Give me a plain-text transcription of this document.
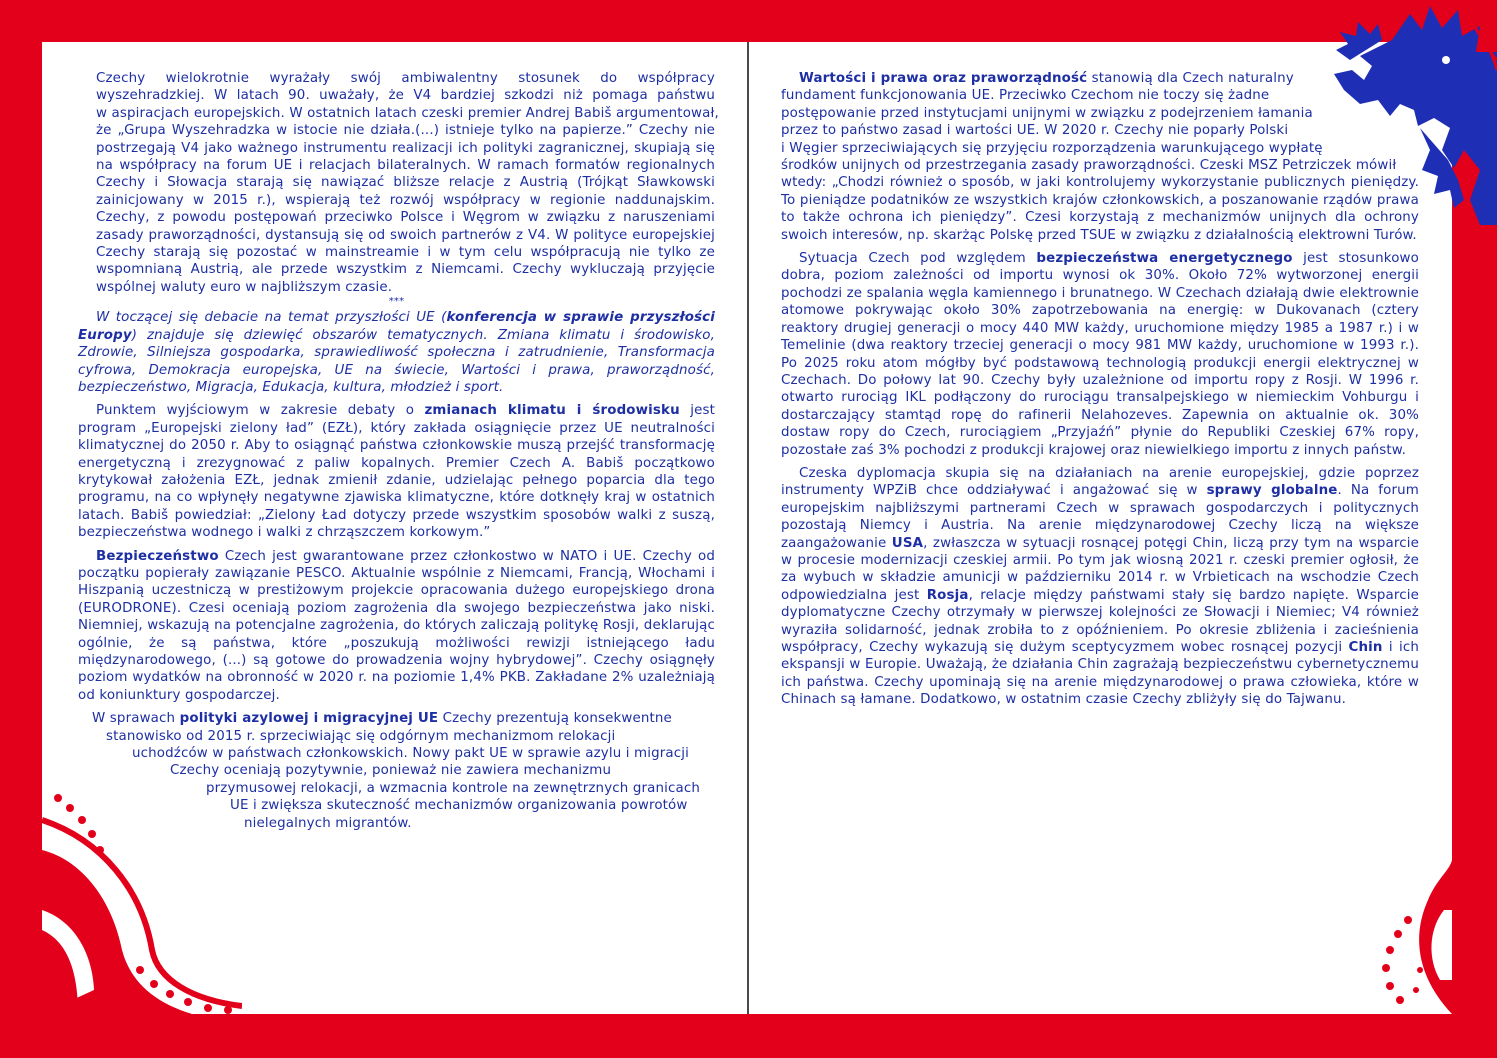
Czechy wielokrotnie wyrażały swój ambiwalentny stosunek do współpracy
wyszehradzkiej. W latach 90. uważały, że V4 bardziej szkodzi niż pomaga państwu
w aspiracjach europejskich. W ostatnich latach czeski premier Andrej Babiš argumentował,
że „Grupa Wyszehradzka w istocie nie działa.(...) istnieje tylko na papierze.” Czechy nie
postrzegają V4 jako ważnego instrumentu realizacji ich polityki zagranicznej, skupiają się
na współpracy na forum UE i relacjach bilateralnych. W ramach formatów regionalnych
Czechy i Słowacja starają się nawiązać bliższe relacje z Austrią (Trójkąt Sławkowski
zainicjowany w 2015 r.), wspierają też rozwój współpracy w regionie naddunajskim.
Czechy, z powodu postępowań przeciwko Polsce i Węgrom w związku z naruszeniami
zasady praworządności, dystansują się od swoich partnerów z V4. W polityce europejskiej
Czechy starają się pozostać w mainstreamie i w tym celu współpracują nie tylko ze
wspomnianą Austrią, ale przede wszystkim z Niemcami. Czechy wykluczają przyjęcie
wspólnej waluty euro w najbliższym czasie.

***

W toczącej się debacie na temat przyszłości UE (konferencja w sprawie przyszłości Europy) znajduje się dziewięć obszarów tematycznych. Zmiana klimatu i środowisko, Zdrowie, Silniejsza gospodarka, sprawiedliwość społeczna i zatrudnienie, Transformacja cyfrowa, Demokracja europejska, UE na świecie, Wartości i prawa, praworządność, bezpieczeństwo, Migracja, Edukacja, kultura, młodzież i sport.

Punktem wyjściowym w zakresie debaty o zmianach klimatu i środowisku jest program „Europejski zielony ład” (EZŁ), który zakłada osiągnięcie przez UE neutralności klimatycznej do 2050 r. Aby to osiągnąć państwa członkowskie muszą przejść transformację energetyczną i zrezygnować z paliw kopalnych. Premier Czech A. Babiš początkowo krytykował założenia EZŁ, jednak zmienił zdanie, udzielając pełnego poparcia dla tego programu, na co wpłynęły negatywne zjawiska klimatyczne, które dotknęły kraj w ostatnich latach. Babiš powiedział: „Zielony Ład dotyczy przede wszystkim sposobów walki z suszą, bezpieczeństwa wodnego i walki z chrząszczem korkowym.”

Bezpieczeństwo Czech jest gwarantowane przez członkostwo w NATO i UE. Czechy od początku popierały zawiązanie PESCO. Aktualnie wspólnie z Niemcami, Francją, Włochami i Hiszpanią uczestniczą w prestiżowym projekcie opracowania dużego europejskiego drona (EURODRONE). Czesi oceniają poziom zagrożenia dla swojego bezpieczeństwa jako niski. Niemniej, wskazują na potencjalne zagrożenia, do których zaliczają politykę Rosji, deklarując ogólnie, że są państwa, które „poszukują możliwości rewizji istniejącego ładu międzynarodowego, (...) są gotowe do prowadzenia wojny hybrydowej”. Czechy osiągnęły poziom wydatków na obronność w 2020 r. na poziomie 1,4% PKB. Zakładane 2% uzależniają od koniunktury gospodarczej.

W sprawach polityki azylowej i migracyjnej UE Czechy prezentują konsekwentne
stanowisko od 2015 r. sprzeciwiając się odgórnym mechanizmom relokacji
uchodźców w państwach członkowskich. Nowy pakt UE w sprawie azylu i migracji
Czechy oceniają pozytywnie, ponieważ nie zawiera mechanizmu
przymusowej relokacji, a wzmacnia kontrole na zewnętrznych granicach
UE i zwiększa skuteczność mechanizmów organizowania powrotów
nielegalnych migrantów.
Wartości i prawa oraz praworządność stanowią dla Czech naturalny
fundament funkcjonowania UE. Przeciwko Czechom nie toczy się żadne
postępowanie przed instytucjami unijnymi w związku z podejrzeniem łamania
przez to państwo zasad i wartości UE. W 2020 r. Czechy nie poparły Polski
i Węgier sprzeciwiających się przyjęciu rozporządzenia warunkującego wypłatę
środków unijnych od przestrzegania zasady praworządności. Czeski MSZ Petrziczek mówił
wtedy: „Chodzi również o sposób, w jaki kontrolujemy wykorzystanie publicznych pieniędzy. To pieniądze podatników ze wszystkich krajów członkowskich, a poszanowanie rządów prawa to także ochrona ich pieniędzy”. Czesi korzystają z mechanizmów unijnych dla ochrony swoich interesów, np. skarżąc Polskę przed TSUE w związku z działalnością elektrowni Turów.

Sytuacja Czech pod względem bezpieczeństwa energetycznego jest stosunkowo dobra, poziom zależności od importu wynosi ok 30%. Około 72% wytworzonej energii pochodzi ze spalania węgla kamiennego i brunatnego. W Czechach działają dwie elektrownie atomowe pokrywając około 30% zapotrzebowania na energię: w Dukovanach (cztery reaktory drugiej generacji o mocy 440 MW każdy, uruchomione między 1985 a 1987 r.) i w Temelinie (dwa reaktory trzeciej generacji o mocy 981 MW każdy, uruchomione w 1993 r.). Po 2025 roku atom mógłby być podstawową technologią produkcji energii elektrycznej w Czechach. Do połowy lat 90. Czechy były uzależnione od importu ropy z Rosji. W 1996 r. otwarto rurociąg IKL podłączony do rurociągu transalpejskiego w niemieckim Vohburgu i dostarczający stamtąd ropę do rafinerii Nelahozeves. Zapewnia on aktualnie ok. 30% dostaw ropy do Czech, rurociągiem „Przyjaźń” płynie do Republiki Czeskiej 67% ropy, pozostałe zaś 3% pochodzi z produkcji krajowej oraz niewielkiego importu z innych państw.

Czeska dyplomacja skupia się na działaniach na arenie europejskiej, gdzie poprzez instrumenty WPZiB chce oddziaływać i angażować się w sprawy globalne. Na forum europejskim najbliższymi partnerami Czech w sprawach gospodarczych i politycznych pozostają Niemcy i Austria. Na arenie międzynarodowej Czechy liczą na większe zaangażowanie USA, zwłaszcza w sytuacji rosnącej potęgi Chin, liczą przy tym na wsparcie w procesie modernizacji czeskiej armii. Po tym jak wiosną 2021 r. czeski premier ogłosił, że za wybuch w składzie amunicji w październiku 2014 r. w Vrbieticach na wschodzie Czech odpowiedzialna jest Rosja, relacje między państwami stały się bardzo napięte. Wsparcie dyplomatyczne Czechy otrzymały w pierwszej kolejności ze Słowacji i Niemiec; V4 również wyraziła solidarność, jednak zrobiła to z opóźnieniem. Po okresie zbliżenia i zacieśnienia współpracy, Czechy wykazują się dużym sceptycyzmem wobec rosnącej pozycji Chin i ich ekspansji w Europie. Uważają, że działania Chin zagrażają bezpieczeństwu cybernetycznemu ich państwa. Czechy upominają się na arenie międzynarodowej o prawa człowieka, które w Chinach są łamane. Dodatkowo, w ostatnim czasie Czechy zbliżyły się do Tajwanu.
